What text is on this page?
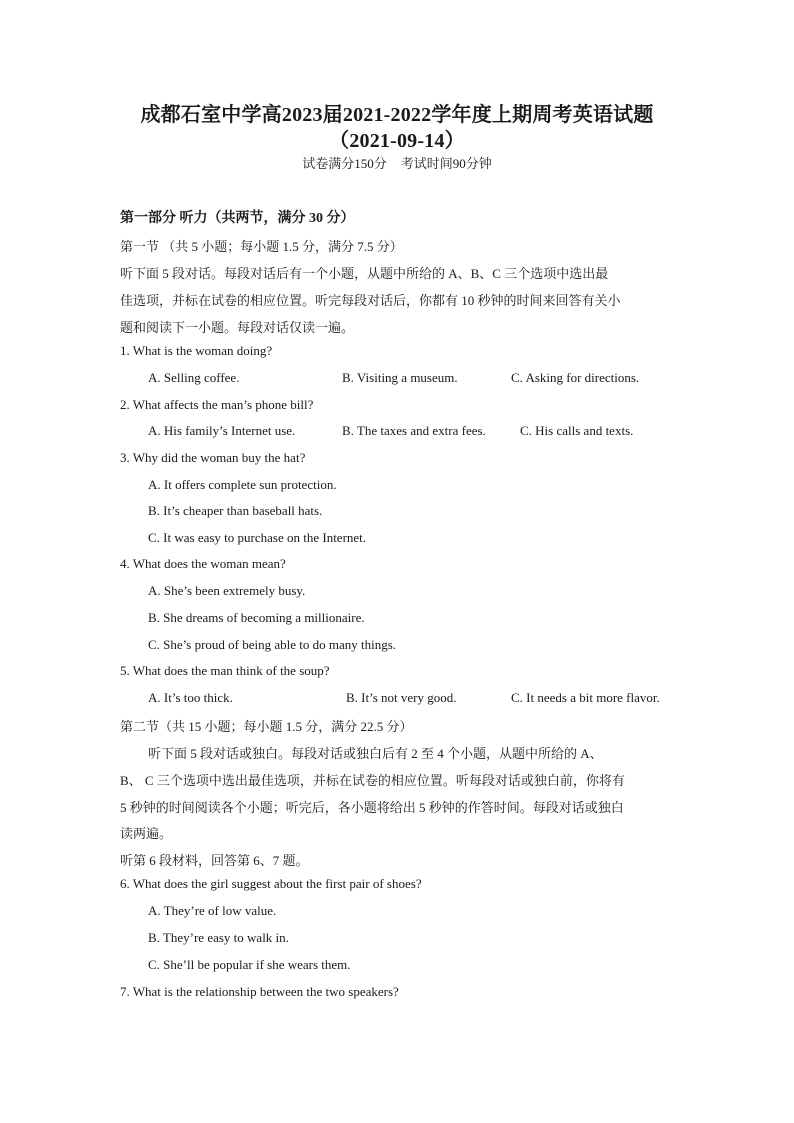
成都石室中学高2023届2021-2022学年度上期周考英语试题
（2021-09-14）
试卷满分150分 考试时间90分钟
第一部分 听力（共两节，满分 30 分）
第一节 （共 5 小题；每小题 1.5 分，满分 7.5 分）
听下面 5 段对话。每段对话后有一个小题，从题中所给的 A、B、C 三个选项中选出最
佳选项，并标在试卷的相应位置。听完每段对话后，你都有 10 秒钟的时间来回答有关小
题和阅读下一小题。每段对话仅读一遍。
1. What is the woman doing?
A. Selling coffee.	B. Visiting a museum.	C. Asking for directions.
2. What affects the man’s phone bill?
A. His family’s Internet use.	B. The taxes and extra fees.	C. His calls and texts.
3. Why did the woman buy the hat?
A. It offers complete sun protection.
B. It’s cheaper than baseball hats.
C. It was easy to purchase on the Internet.
4. What does the woman mean?
A. She’s been extremely busy.
B. She dreams of becoming a millionaire.
C. She’s proud of being able to do many things.
5. What does the man think of the soup?
A. It’s too thick.	B. It’s not very good.	C. It needs a bit more flavor.
第二节（共 15 小题；每小题 1.5 分，满分 22.5 分）
听下面 5 段对话或独白。每段对话或独白后有 2 至 4 个小题，从题中所给的 A、
B、 C 三个选项中选出最佳选项，并标在试卷的相应位置。听每段对话或独白前，你将有
5 秒钟的时间阅读各个小题；听完后，各小题将给出 5 秒钟的作答时间。每段对话或独白
读两遍。
听第 6 段材料，回答第 6、7 题。
6. What does the girl suggest about the first pair of shoes?
A. They’re of low value.
B. They’re easy to walk in.
C. She’ll be popular if she wears them.
7. What is the relationship between the two speakers?
